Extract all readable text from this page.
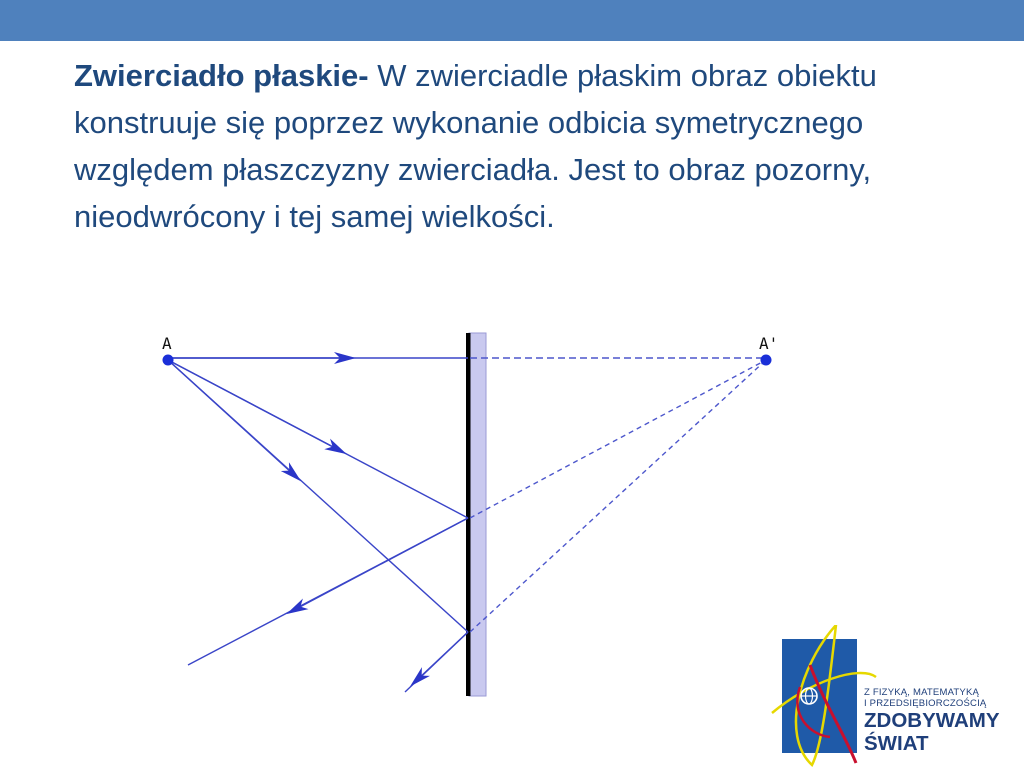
Zwierciadło płaskie- W zwierciadle płaskim obraz obiektu konstruuje się poprzez wykonanie odbicia symetrycznego względem płaszczyzny zwierciadła. Jest to obraz pozorny, nieodwrócony i tej samej wielkości.
A	A'
Z FIZYKĄ, MATEMATYKĄ
I PRZEDSIĘBIORCZOŚCIĄ
ZDOBYWAMY
ŚWIAT
